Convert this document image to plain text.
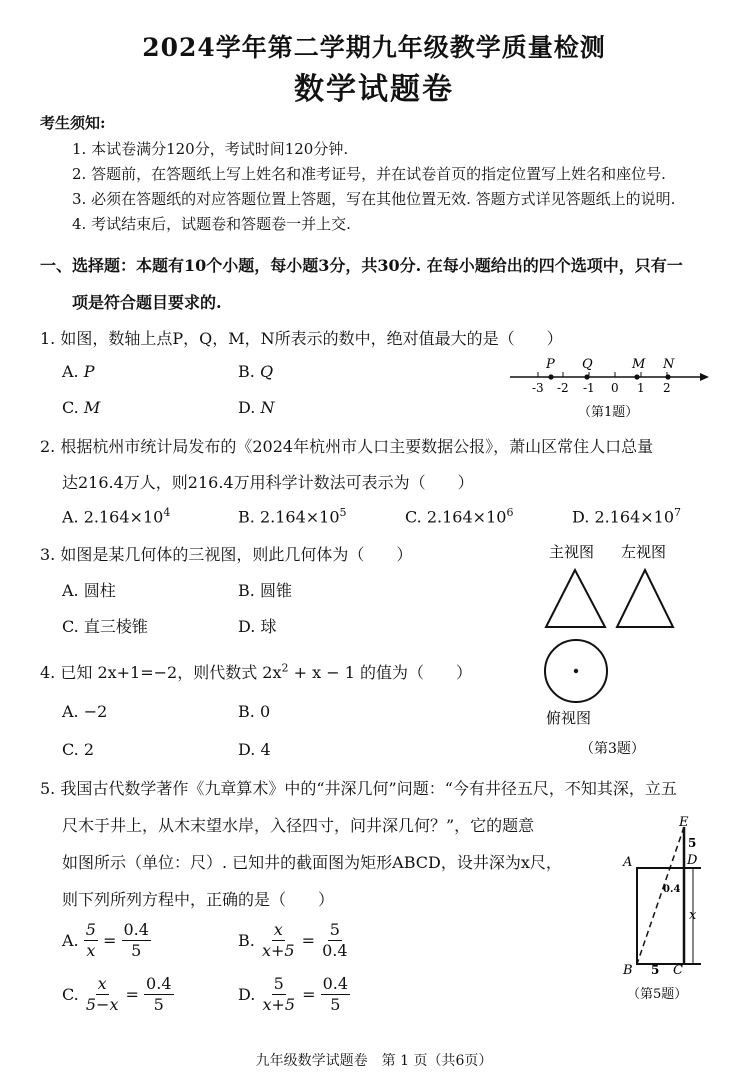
2024学年第二学期九年级教学质量检测
数学试题卷
考生须知:
1. 本试卷满分120分，考试时间120分钟.
2. 答题前，在答题纸上写上姓名和准考证号，并在试卷首页的指定位置写上姓名和座位号.
3. 必须在答题纸的对应答题位置上答题，写在其他位置无效. 答题方式详见答题纸上的说明.
4. 考试结束后，试题卷和答题卷一并上交.
一、选择题：本题有10个小题，每小题3分，共30分. 在每小题给出的四个选项中，只有一
项是符合题目要求的.
1. 如图，数轴上点P，Q，M，N所表示的数中，绝对值最大的是（　　）
A. P	B. Q
C. M	D. N
P Q	M N
-3 -2 -1 0 1 2
（第1题）
2. 根据杭州市统计局发布的《2024年杭州市人口主要数据公报》，萧山区常住人口总量
达216.4万人，则216.4万用科学计数法可表示为（　　）
A. $2.164\times 10^4$	B. $2.164\times 10^5$	C. $2.164\times 10^6$	D. $2.164\times 10^7$
3. 如图是某几何体的三视图，则此几何体为（　　）
A. 圆柱	B. 圆锥
C. 直三棱锥	D. 球
主视图 左视图
俯视图
（第3题）
4. 已知 2x+1=−2，则代数式 $2x^2 + x - 1$ 的值为（　　）
A. −2	B. 0
C. 2	D. 4
5. 我国古代数学著作《九章算术》中的“井深几何”问题：“今有井径五尺，不知其深，立五
尺木于井上，从木末望水岸，入径四寸，问井深几何？”，它的题意
如图所示（单位：尺）. 已知井的截面图为矩形ABCD，设井深为x尺，
则下列所列方程中，正确的是（　　）
A.
$\frac{5}{x} = \frac{0.4}{5}$	B.
$\frac{x}{x+5} = \frac{5}{0.4}$
C.
$\frac{x}{5-x} = \frac{0.4}{5}$	D.
$\frac{5}{x+5} = \frac{0.4}{5}$
E
5
A	D
0.4
x
B 5 C
（第5题）
九年级数学试题卷　第 1 页（共6页）
